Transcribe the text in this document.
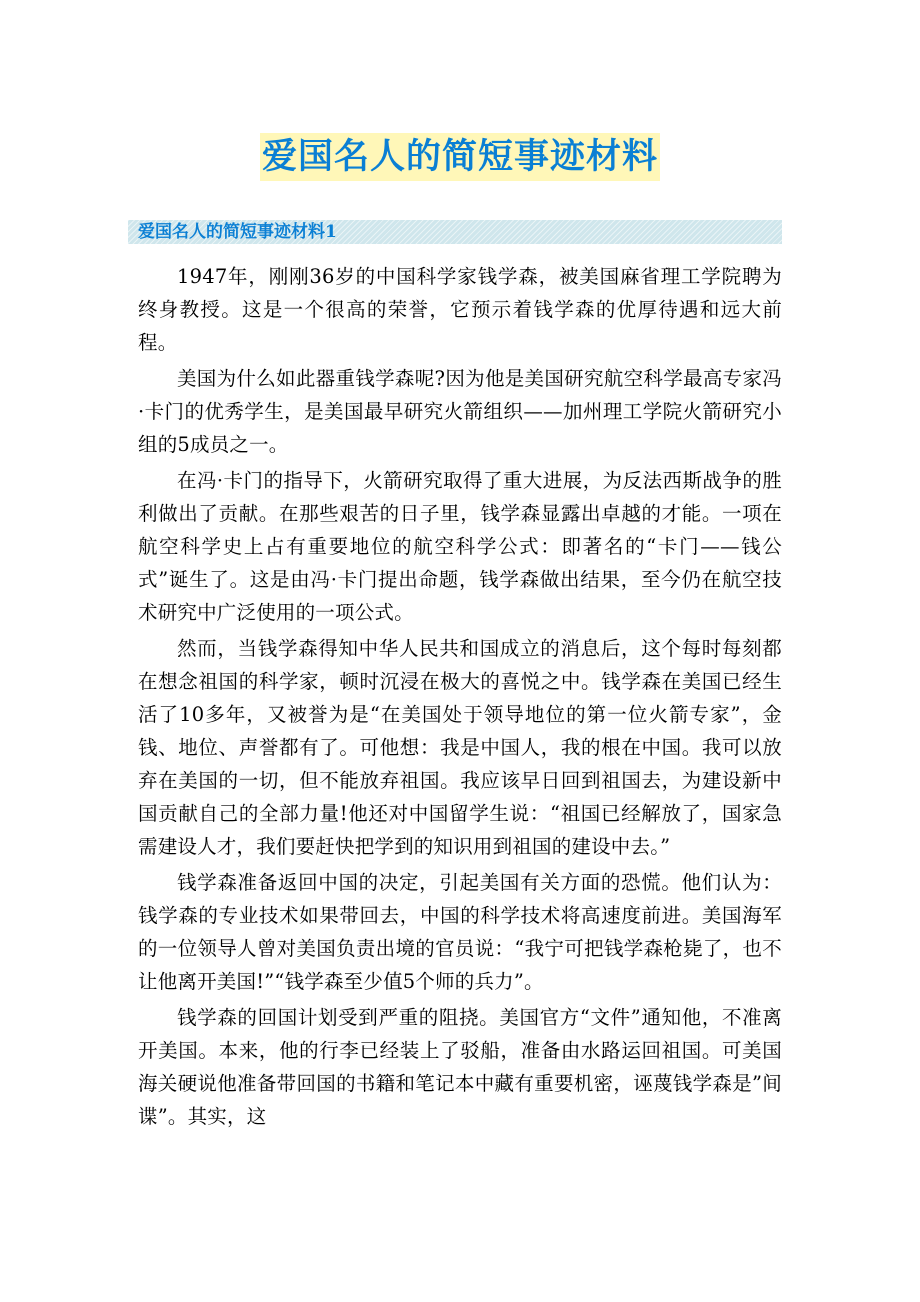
爱国名人的简短事迹材料
爱国名人的简短事迹材料1

1947年，刚刚36岁的中国科学家钱学森，被美国麻省理工学院聘为终身教授。这是一个很高的荣誉，它预示着钱学森的优厚待遇和远大前程。

美国为什么如此器重钱学森呢?因为他是美国研究航空科学最高专家冯·卡门的优秀学生，是美国最早研究火箭组织——加州理工学院火箭研究小组的5成员之一。

在冯·卡门的指导下，火箭研究取得了重大进展，为反法西斯战争的胜利做出了贡献。在那些艰苦的日子里，钱学森显露出卓越的才能。一项在航空科学史上占有重要地位的航空科学公式：即著名的“卡门——钱公式”诞生了。这是由冯·卡门提出命题，钱学森做出结果，至今仍在航空技术研究中广泛使用的一项公式。

然而，当钱学森得知中华人民共和国成立的消息后，这个每时每刻都在想念祖国的科学家，顿时沉浸在极大的喜悦之中。钱学森在美国已经生活了10多年，又被誉为是“在美国处于领导地位的第一位火箭专家”，金钱、地位、声誉都有了。可他想：我是中国人，我的根在中国。我可以放弃在美国的一切，但不能放弃祖国。我应该早日回到祖国去，为建设新中国贡献自己的全部力量!他还对中国留学生说：“祖国已经解放了，国家急需建设人才，我们要赶快把学到的知识用到祖国的建设中去。”

钱学森准备返回中国的决定，引起美国有关方面的恐慌。他们认为：钱学森的专业技术如果带回去，中国的科学技术将高速度前进。美国海军的一位领导人曾对美国负责出境的官员说：“我宁可把钱学森枪毙了，也不让他离开美国!”“钱学森至少值5个师的兵力”。

钱学森的回国计划受到严重的阻挠。美国官方“文件”通知他，不准离开美国。本来，他的行李已经装上了驳船，准备由水路运回祖国。可美国海关硬说他准备带回国的书籍和笔记本中藏有重要机密，诬蔑钱学森是”间谍”。其实，这
